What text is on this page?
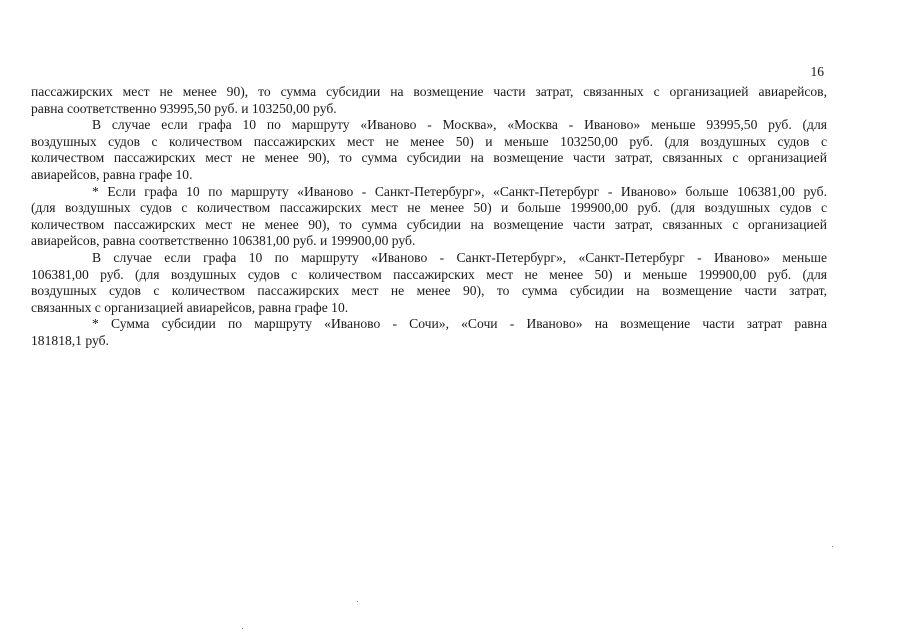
16

пассажирских мест не менее 90), то сумма субсидии на возмещение части затрат, связанных с организацией авиарейсов,
равна соответственно 93995,50 руб. и 103250,00 руб.

В случае если графа 10 по маршруту «Иваново - Москва», «Москва - Иваново» меньше 93995,50 руб. (для
воздушных судов с количеством пассажирских мест не менее 50) и меньше 103250,00 руб. (для воздушных судов с
количеством пассажирских мест не менее 90), то сумма субсидии на возмещение части затрат, связанных с организацией
авиарейсов, равна графе 10.

* Если графа 10 по маршруту «Иваново - Санкт-Петербург», «Санкт-Петербург - Иваново» больше 106381,00 руб.
(для воздушных судов с количеством пассажирских мест не менее 50) и больше 199900,00 руб. (для воздушных судов с
количеством пассажирских мест не менее 90), то сумма субсидии на возмещение части затрат, связанных с организацией
авиарейсов, равна соответственно 106381,00 руб. и 199900,00 руб.

В случае если графа 10 по маршруту «Иваново - Санкт-Петербург», «Санкт-Петербург - Иваново» меньше
106381,00 руб. (для воздушных судов с количеством пассажирских мест не менее 50) и меньше 199900,00 руб. (для
воздушных судов с количеством пассажирских мест не менее 90), то сумма субсидии на возмещение части затрат,
связанных с организацией авиарейсов, равна графе 10.

* Сумма субсидии по маршруту «Иваново - Сочи», «Сочи - Иваново» на возмещение части затрат равна
181818,1 руб.
